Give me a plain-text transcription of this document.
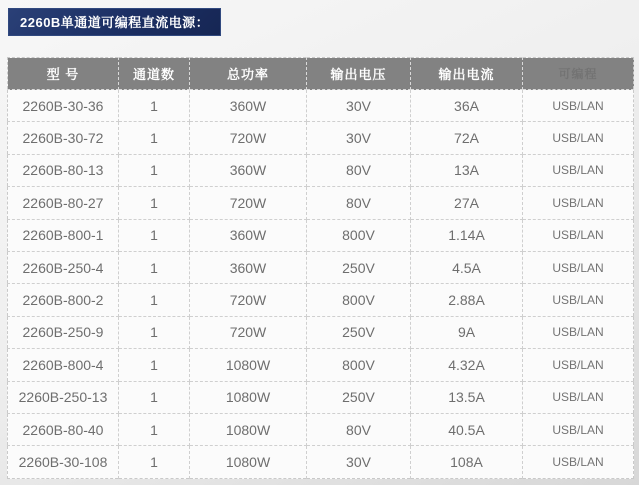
2260B单通道可编程直流电源：
型 号	通道数	总功率	输出电压	输出电流	可编程
2260B-30-36	1	360W	30V	36A	USB/LAN
2260B-30-72	1	720W	30V	72A	USB/LAN
2260B-80-13	1	360W	80V	13A	USB/LAN
2260B-80-27	1	720W	80V	27A	USB/LAN
2260B-800-1	1	360W	800V	1.14A	USB/LAN
2260B-250-4	1	360W	250V	4.5A	USB/LAN
2260B-800-2	1	720W	800V	2.88A	USB/LAN
2260B-250-9	1	720W	250V	9A	USB/LAN
2260B-800-4	1	1080W	800V	4.32A	USB/LAN
2260B-250-13	1	1080W	250V	13.5A	USB/LAN
2260B-80-40	1	1080W	80V	40.5A	USB/LAN
2260B-30-108	1	1080W	30V	108A	USB/LAN
